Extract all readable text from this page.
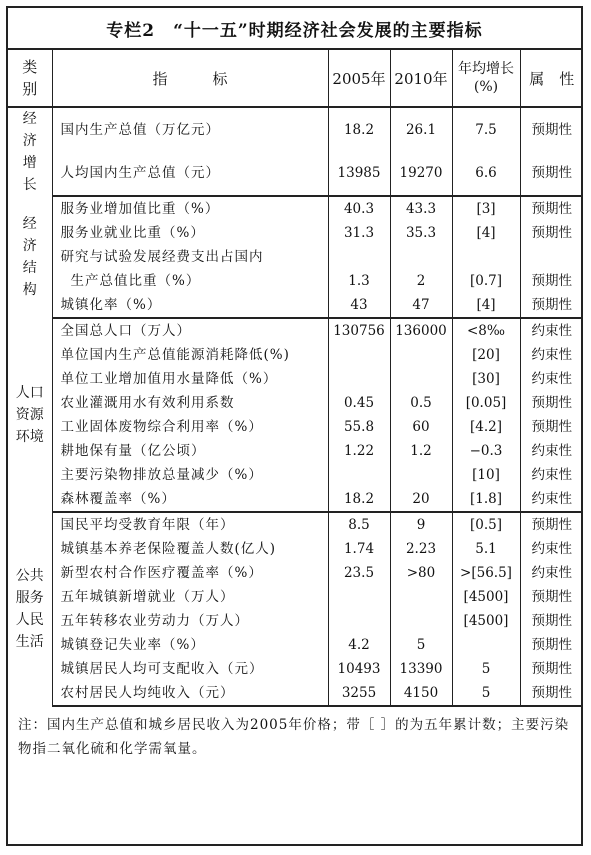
专栏2　“十一五”时期经济社会发展的主要指标
类别	指　　　标	2005年	2010年	年均增长(%)	属　性
经济增长	国内生产总值（万亿元）	18.2	26.1	7.5	预期性
	人均国内生产总值（元）	13985	19270	6.6	预期性
经济结构	服务业增加值比重（%）	40.3	43.3	[3]	预期性
	服务业就业比重（%）	31.3	35.3	[4]	预期性
	研究与试验发展经费支出占国内				
	生产总值比重（%）	1.3	2	[0.7]	预期性
	城镇化率（%）	43	47	[4]	预期性
人口资源环境	全国总人口（万人）	130756	136000	<8‰	约束性
	单位国内生产总值能源消耗降低(%)			[20]	约束性
	单位工业增加值用水量降低（%）			[30]	约束性
	农业灌溉用水有效利用系数	0.45	0.5	[0.05]	预期性
	工业固体废物综合利用率（%）	55.8	60	[4.2]	预期性
	耕地保有量（亿公顷）	1.22	1.2	−0.3	约束性
	主要污染物排放总量减少（%）			[10]	约束性
	森林覆盖率（%）	18.2	20	[1.8]	约束性
公共服务人民生活	国民平均受教育年限（年）	8.5	9	[0.5]	预期性
	城镇基本养老保险覆盖人数(亿人)	1.74	2.23	5.1	约束性
	新型农村合作医疗覆盖率（%）	23.5	>80	>[56.5]	约束性
	五年城镇新增就业（万人）			[4500]	预期性
	五年转移农业劳动力（万人）			[4500]	预期性
	城镇登记失业率（%）	4.2	5		预期性
	城镇居民人均可支配收入（元）	10493	13390	5	预期性
	农村居民人均纯收入（元）	3255	4150	5	预期性
注：国内生产总值和城乡居民收入为2005年价格；带［ ］的为五年累计数；主要污染物指二氧化硫和化学需氧量。
